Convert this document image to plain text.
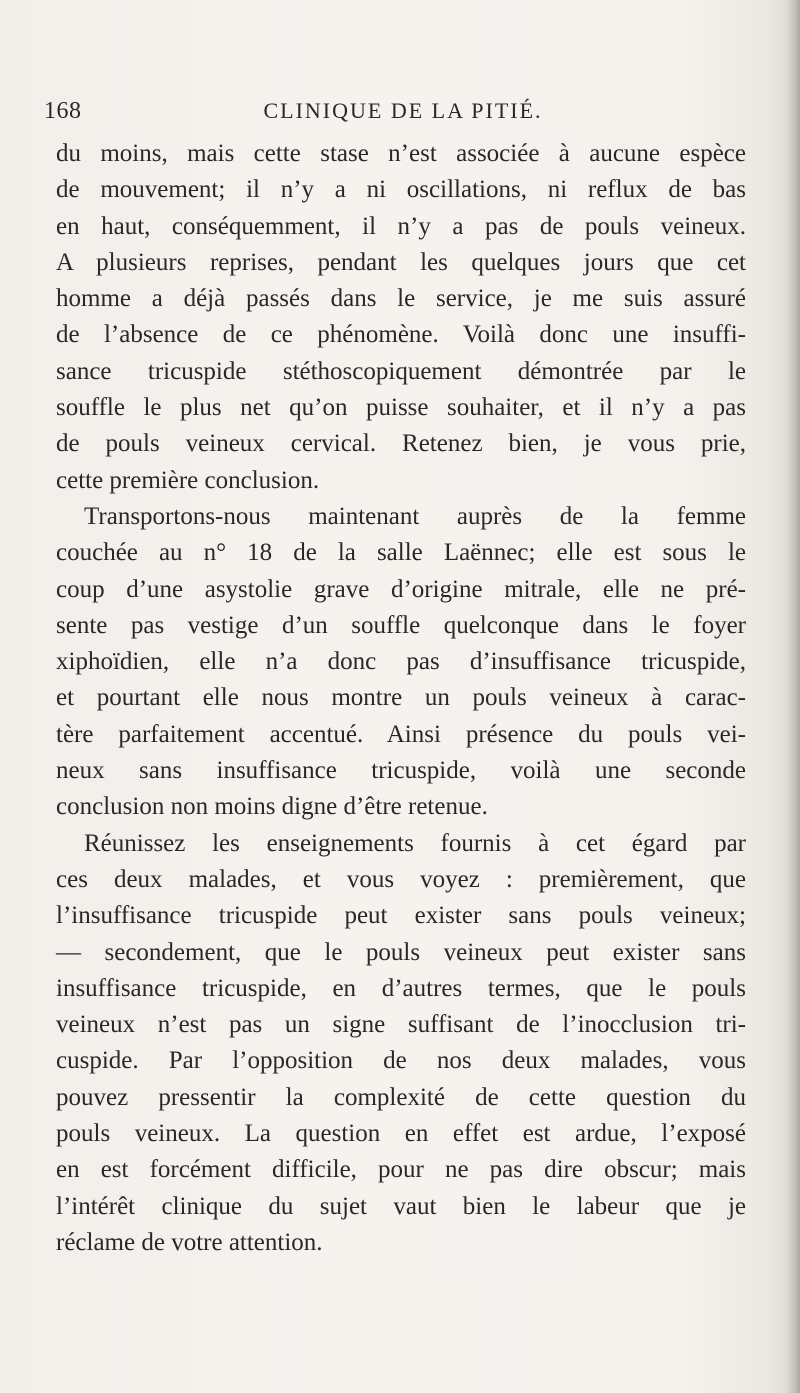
168	CLINIQUE DE LA PITIÉ.
du moins, mais cette stase n’est associée à aucune espèce
de mouvement; il n’y a ni oscillations, ni reflux de bas
en haut, conséquemment, il n’y a pas de pouls veineux.
A plusieurs reprises, pendant les quelques jours que cet
homme a déjà passés dans le service, je me suis assuré
de l’absence de ce phénomène. Voilà donc une insuffi-
sance tricuspide stéthoscopiquement démontrée par le
souffle le plus net qu’on puisse souhaiter, et il n’y a pas
de pouls veineux cervical. Retenez bien, je vous prie,
cette première conclusion.
Transportons-nous maintenant auprès de la femme
couchée au n° 18 de la salle Laënnec; elle est sous le
coup d’une asystolie grave d’origine mitrale, elle ne pré-
sente pas vestige d’un souffle quelconque dans le foyer
xiphoïdien, elle n’a donc pas d’insuffisance tricuspide,
et pourtant elle nous montre un pouls veineux à carac-
tère parfaitement accentué. Ainsi présence du pouls vei-
neux sans insuffisance tricuspide, voilà une seconde
conclusion non moins digne d’être retenue.
Réunissez les enseignements fournis à cet égard par
ces deux malades, et vous voyez : premièrement, que
l’insuffisance tricuspide peut exister sans pouls veineux;
— secondement, que le pouls veineux peut exister sans
insuffisance tricuspide, en d’autres termes, que le pouls
veineux n’est pas un signe suffisant de l’inocclusion tri-
cuspide. Par l’opposition de nos deux malades, vous
pouvez pressentir la complexité de cette question du
pouls veineux. La question en effet est ardue, l’exposé
en est forcément difficile, pour ne pas dire obscur; mais
l’intérêt clinique du sujet vaut bien le labeur que je
réclame de votre attention.
